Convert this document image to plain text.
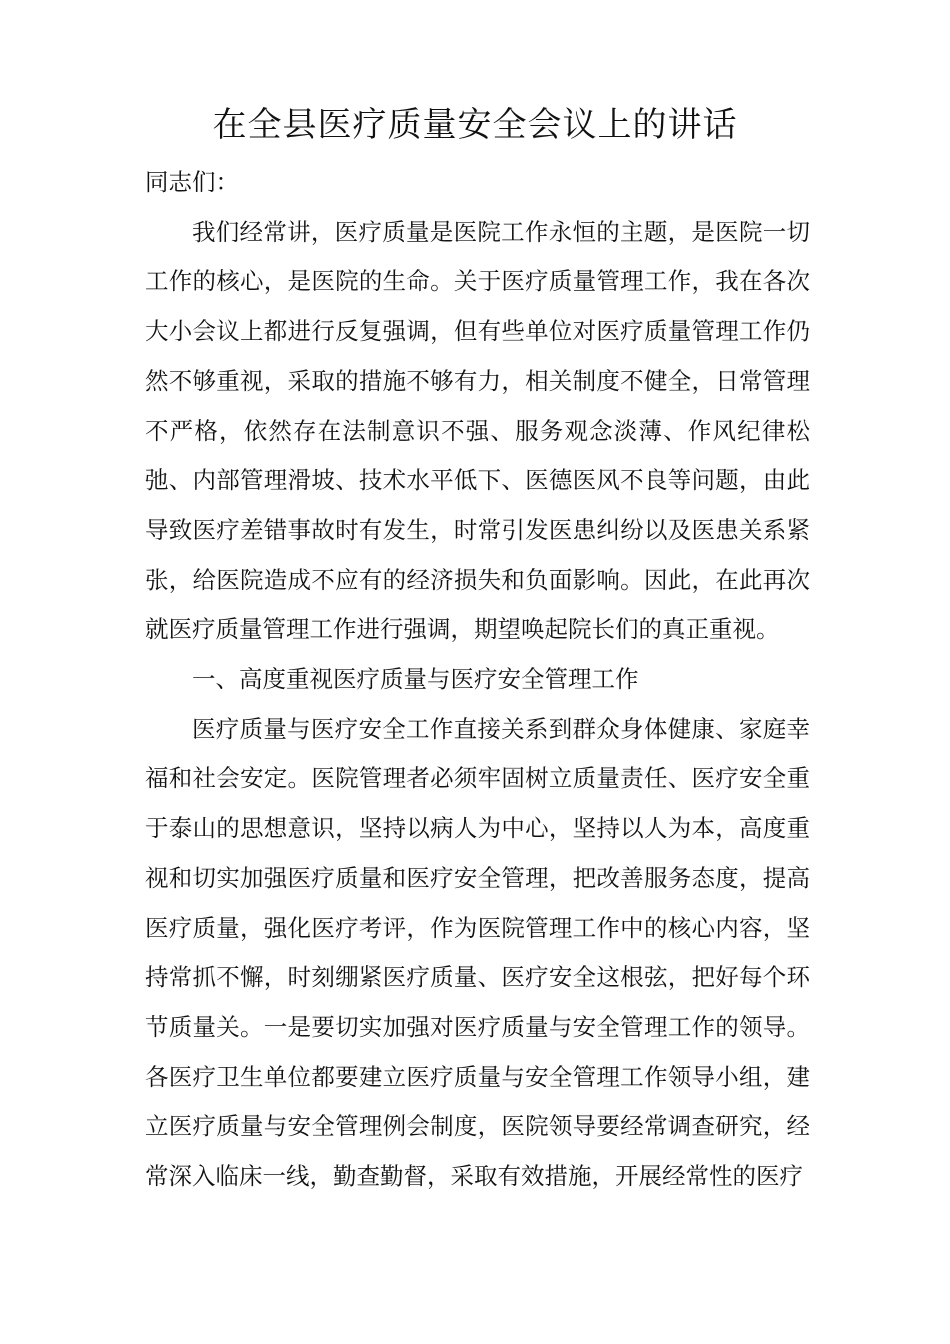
在全县医疗质量安全会议上的讲话

同志们：

我们经常讲，医疗质量是医院工作永恒的主题，是医院一切工作的核心，是医院的生命。关于医疗质量管理工作，我在各次大小会议上都进行反复强调，但有些单位对医疗质量管理工作仍然不够重视，采取的措施不够有力，相关制度不健全，日常管理不严格，依然存在法制意识不强、服务观念淡薄、作风纪律松弛、内部管理滑坡、技术水平低下、医德医风不良等问题，由此导致医疗差错事故时有发生，时常引发医患纠纷以及医患关系紧张，给医院造成不应有的经济损失和负面影响。因此，在此再次就医疗质量管理工作进行强调，期望唤起院长们的真正重视。

一、高度重视医疗质量与医疗安全管理工作

医疗质量与医疗安全工作直接关系到群众身体健康、家庭幸福和社会安定。医院管理者必须牢固树立质量责任、医疗安全重于泰山的思想意识，坚持以病人为中心，坚持以人为本，高度重视和切实加强医疗质量和医疗安全管理，把改善服务态度，提高医疗质量，强化医疗考评，作为医院管理工作中的核心内容，坚持常抓不懈，时刻绷紧医疗质量、医疗安全这根弦，把好每个环节质量关。一是要切实加强对医疗质量与安全管理工作的领导。各医疗卫生单位都要建立医疗质量与安全管理工作领导小组，建立医疗质量与安全管理例会制度，医院领导要经常调查研究，经常深入临床一线，勤查勤督，采取有效措施，开展经常性的医疗
